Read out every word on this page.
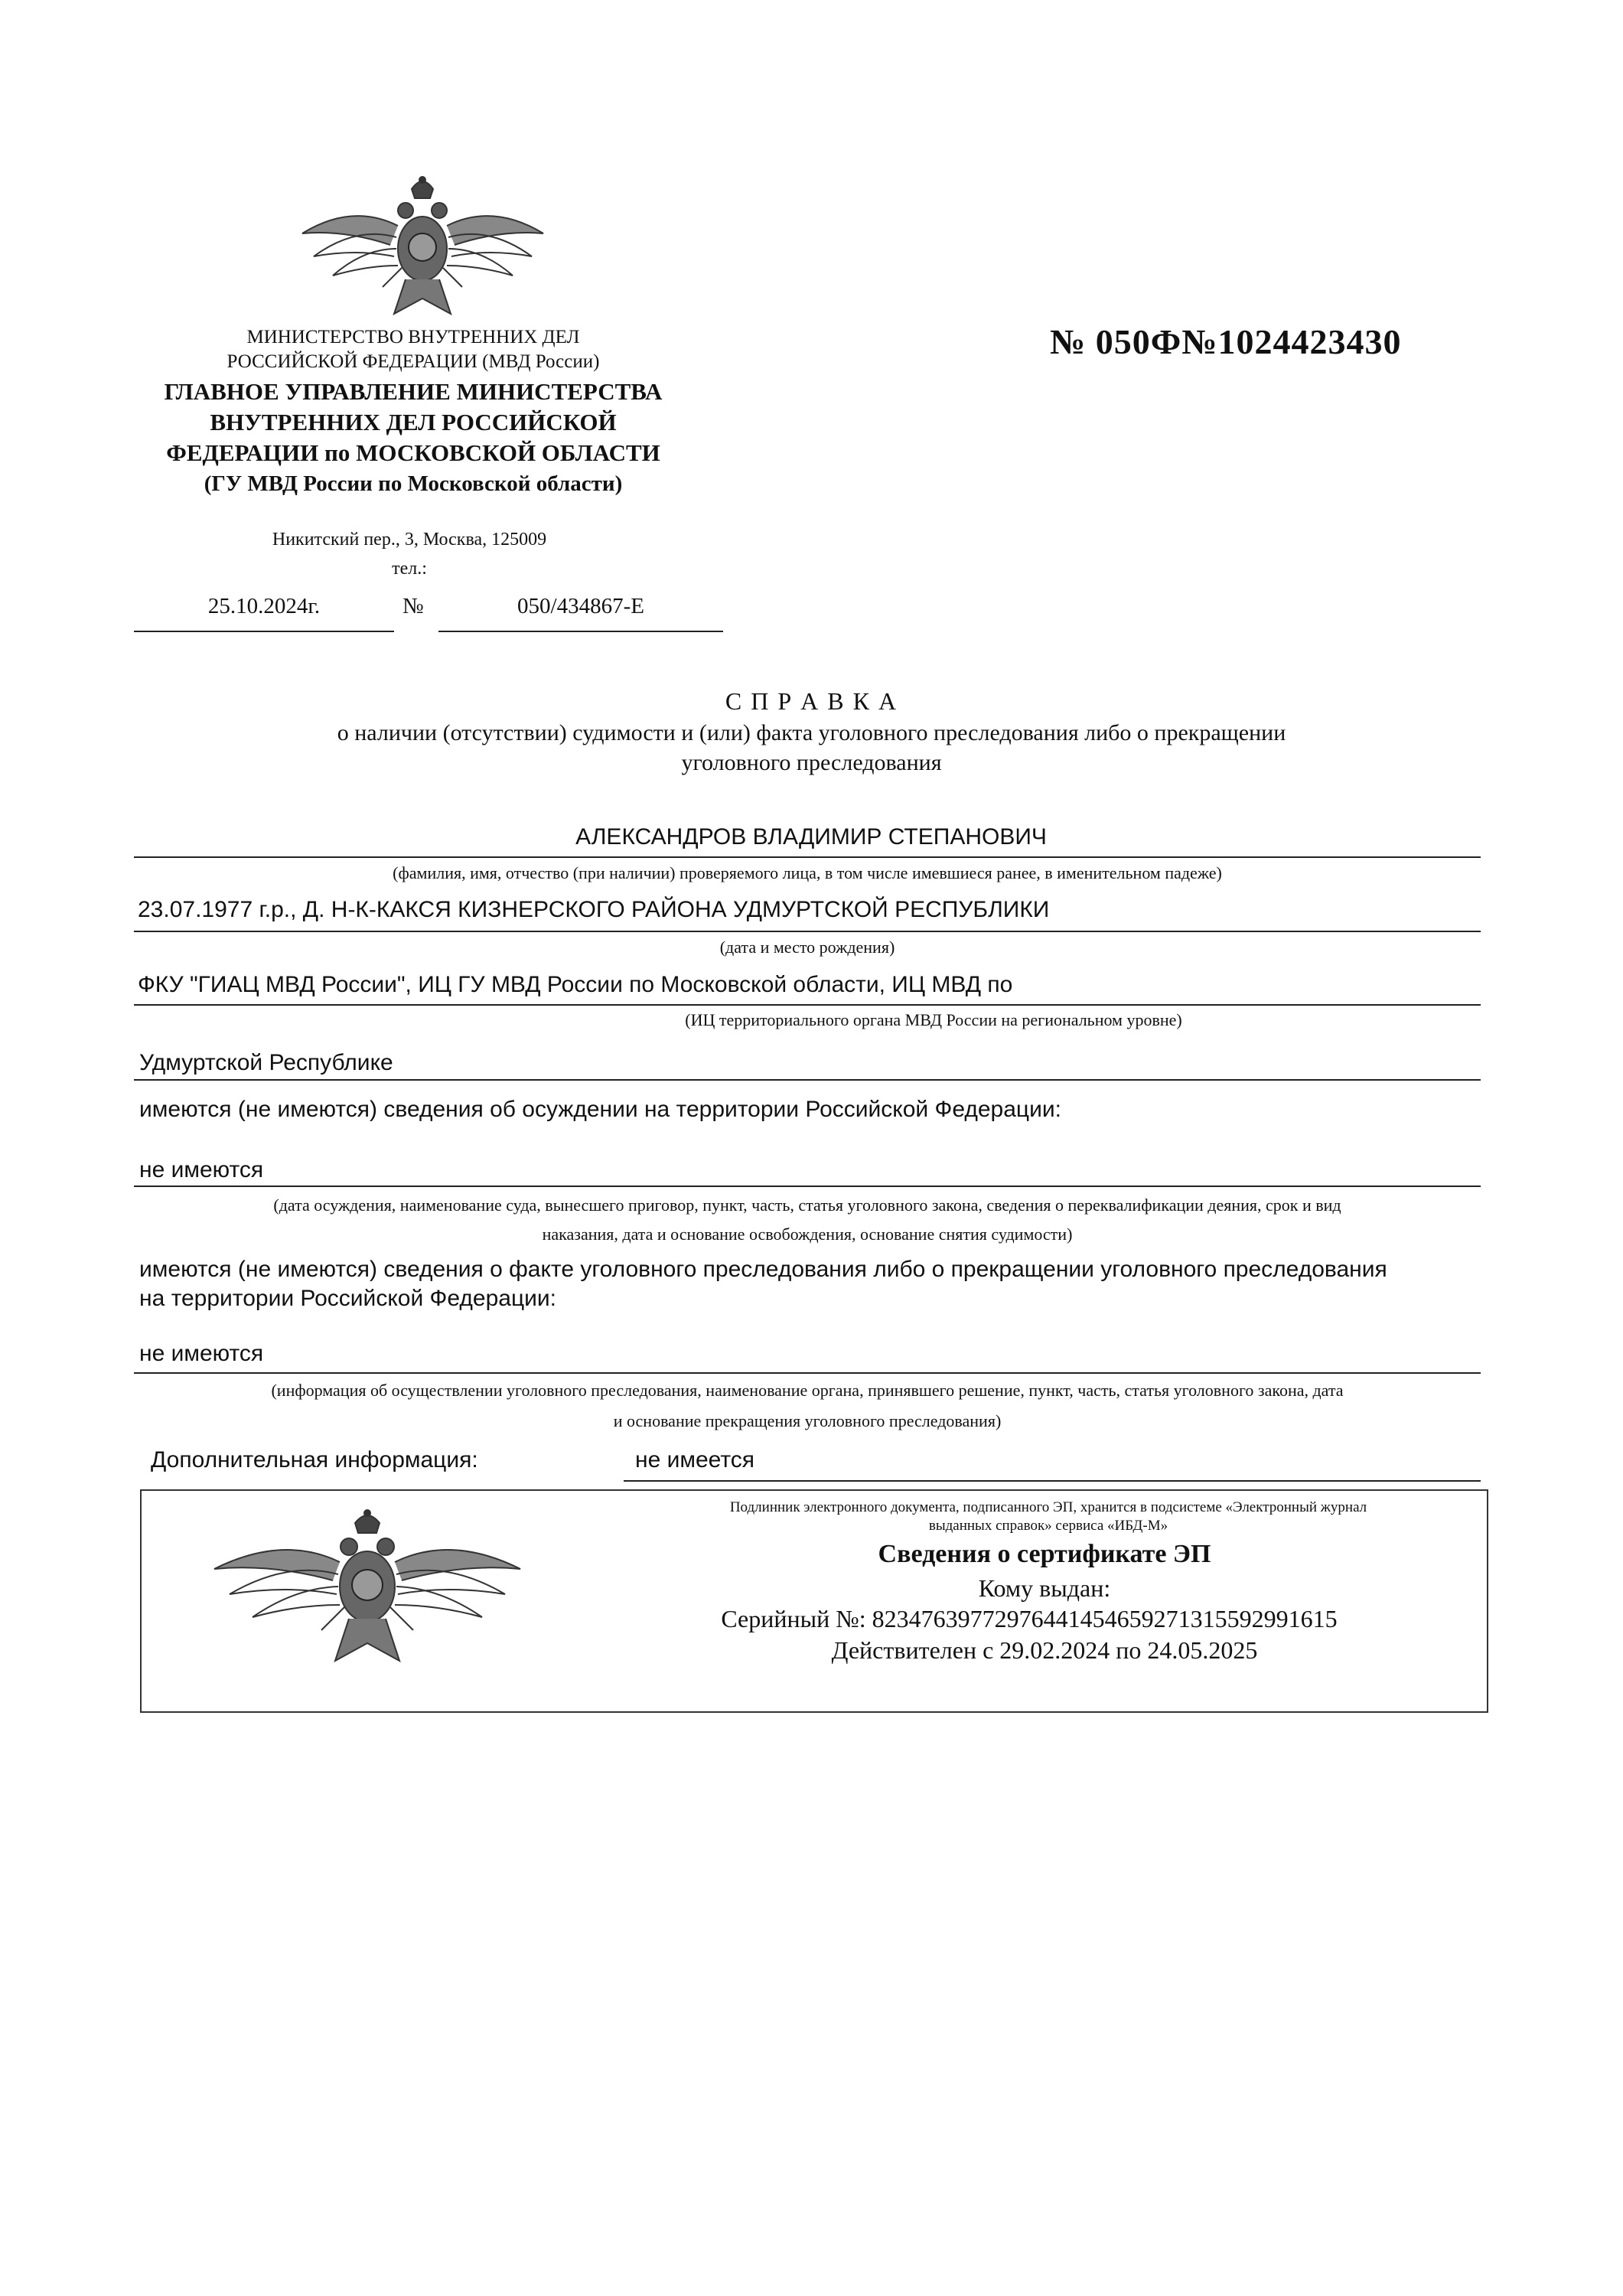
МИНИСТЕРСТВО ВНУТРЕННИХ ДЕЛ
РОССИЙСКОЙ ФЕДЕРАЦИИ (МВД России)
ГЛАВНОЕ УПРАВЛЕНИЕ МИНИСТЕРСТВА
ВНУТРЕННИХ ДЕЛ РОССИЙСКОЙ
ФЕДЕРАЦИИ по МОСКОВСКОЙ ОБЛАСТИ
(ГУ МВД России по Московской области)
Никитский пер., 3, Москва, 125009
тел.:
25.10.2024г.	№	050/434867-Е
№ 050Ф№1024423430
С П Р А В К А
о наличии (отсутствии) судимости и (или) факта уголовного преследования либо о прекращении
уголовного преследования
АЛЕКСАНДРОВ ВЛАДИМИР СТЕПАНОВИЧ
(фамилия, имя, отчество (при наличии) проверяемого лица, в том числе имевшиеся ранее, в именительном падеже)
23.07.1977 г.р., Д. Н-К-КАКСЯ КИЗНЕРСКОГО РАЙОНА УДМУРТСКОЙ РЕСПУБЛИКИ
(дата и место рождения)
ФКУ "ГИАЦ МВД России", ИЦ ГУ МВД России по Московской области, ИЦ МВД по
(ИЦ территориального органа МВД России на региональном уровне)
Удмуртской Республике
имеются (не имеются) сведения об осуждении на территории Российской Федерации:
не имеются
(дата осуждения, наименование суда, вынесшего приговор, пункт, часть, статья уголовного закона, сведения о переквалификации деяния, срок и вид
наказания, дата и основание освобождения, основание снятия судимости)
имеются (не имеются) сведения о факте уголовного преследования либо о прекращении уголовного преследования
на территории Российской Федерации:
не имеются
(информация об осуществлении уголовного преследования, наименование органа, принявшего решение, пункт, часть, статья уголовного закона, дата
и основание прекращения уголовного преследования)
Дополнительная информация:	не имеется
Подлинник электронного документа, подписанного ЭП, хранится в подсистеме «Электронный журнал
выданных справок» сервиса «ИБД-М»
Сведения о сертификате ЭП
Кому выдан:
Серийный №: 82347639772976441454659271315592991615
Действителен с 29.02.2024 по 24.05.2025
